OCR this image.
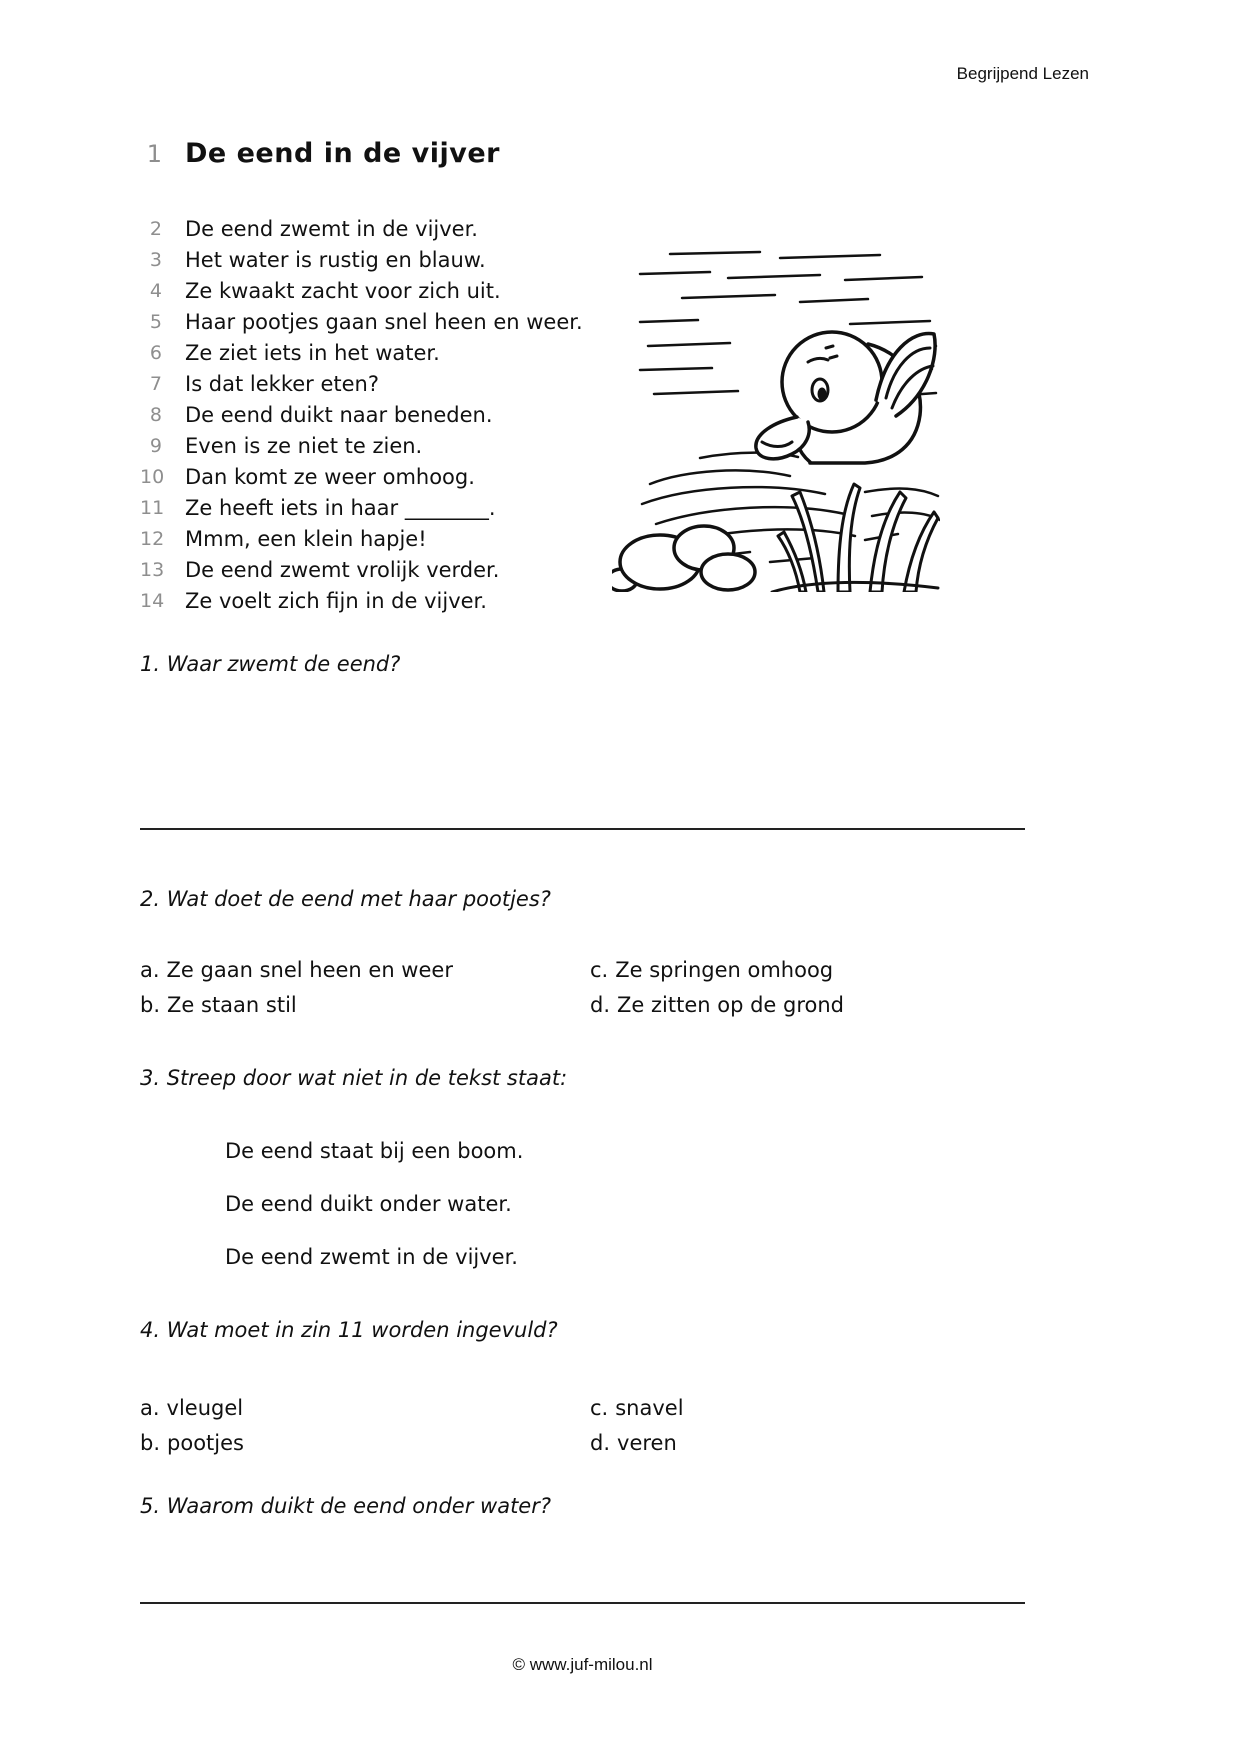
Begrijpend Lezen
1 De eend in de vijver
2 De eend zwemt in de vijver.
3 Het water is rustig en blauw.
4 Ze kwaakt zacht voor zich uit.
5 Haar pootjes gaan snel heen en weer.
6 Ze ziet iets in het water.
7 Is dat lekker eten?
8 De eend duikt naar beneden.
9 Even is ze niet te zien.
10 Dan komt ze weer omhoog.
11 Ze heeft iets in haar ________.
12 Mmm, een klein hapje!
13 De eend zwemt vrolijk verder.
14 Ze voelt zich fijn in de vijver.
1. Waar zwemt de eend?
2. Wat doet de eend met haar pootjes?
a. Ze gaan snel heen en weer
b. Ze staan stil
c. Ze springen omhoog
d. Ze zitten op de grond
3. Streep door wat niet in de tekst staat:
De eend staat bij een boom.
De eend duikt onder water.
De eend zwemt in de vijver.
4. Wat moet in zin 11 worden ingevuld?
a. vleugel
b. pootjes
c. snavel
d. veren
5. Waarom duikt de eend onder water?
© www.juf-milou.nl
